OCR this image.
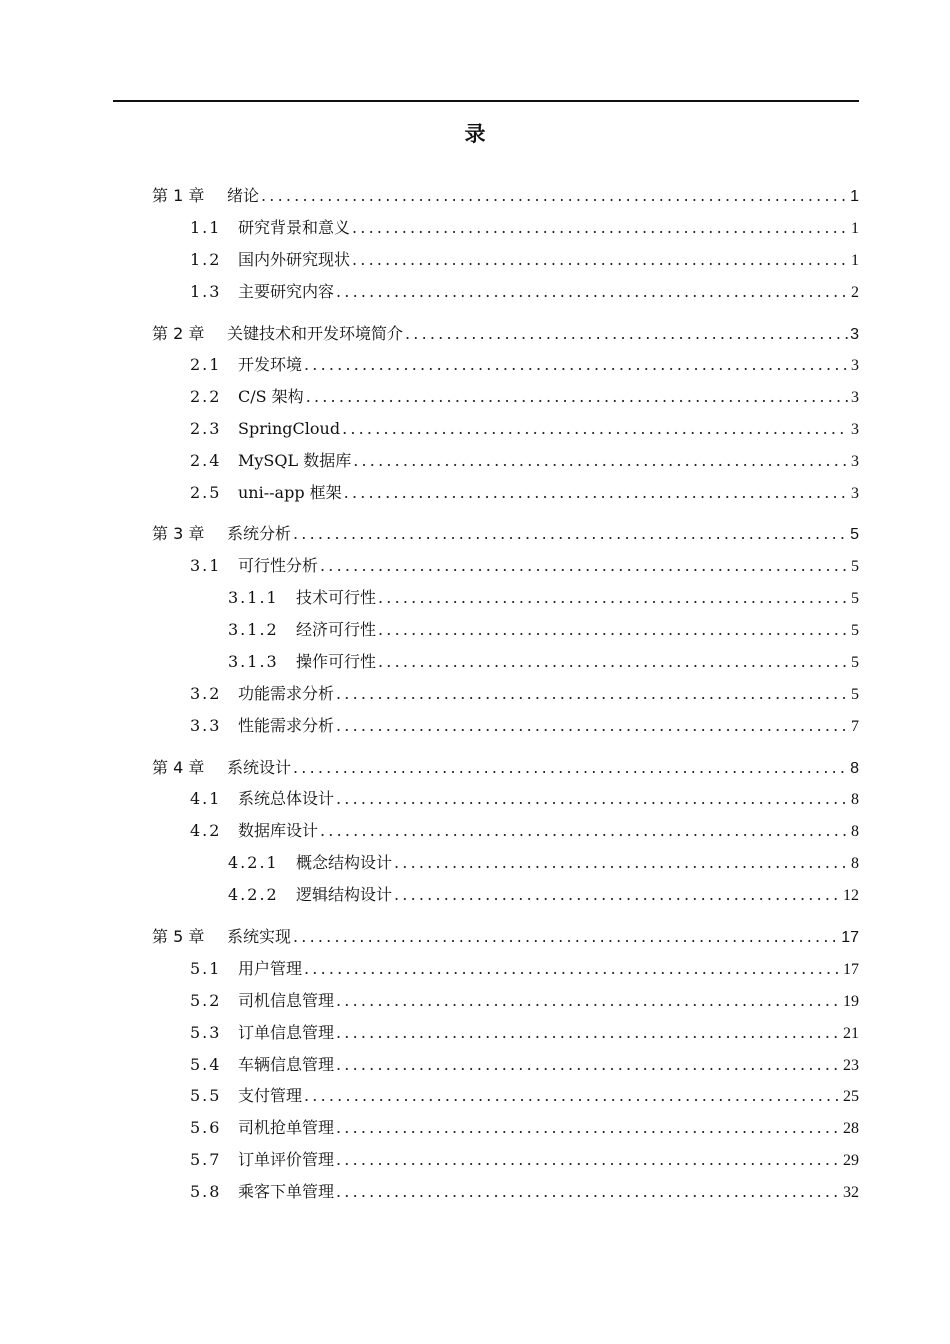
录
第 1 章	绪论 .....	1
1.1	研究背景和意义 .....	1
1.2	国内外研究现状 .....	1
1.3	主要研究内容 .....	2
第 2 章	关键技术和开发环境简介 .....	3
2.1	开发环境 .....	3
2.2	C/S 架构 .....	3
2.3	SpringCloud .....	3
2.4	MySQL 数据库 .....	3
2.5	uni--app 框架 .....	3
第 3 章	系统分析 .....	5
3.1	可行性分析 .....	5
3.1.1	技术可行性 .....	5
3.1.2	经济可行性 .....	5
3.1.3	操作可行性 .....	5
3.2	功能需求分析 .....	5
3.3	性能需求分析 .....	7
第 4 章	系统设计 .....	8
4.1	系统总体设计 .....	8
4.2	数据库设计 .....	8
4.2.1	概念结构设计 .....	8
4.2.2	逻辑结构设计 .....	12
第 5 章	系统实现 .....	17
5.1	用户管理 .....	17
5.2	司机信息管理 .....	19
5.3	订单信息管理 .....	21
5.4	车辆信息管理 .....	23
5.5	支付管理 .....	25
5.6	司机抢单管理 .....	28
5.7	订单评价管理 .....	29
5.8	乘客下单管理 .....	32
